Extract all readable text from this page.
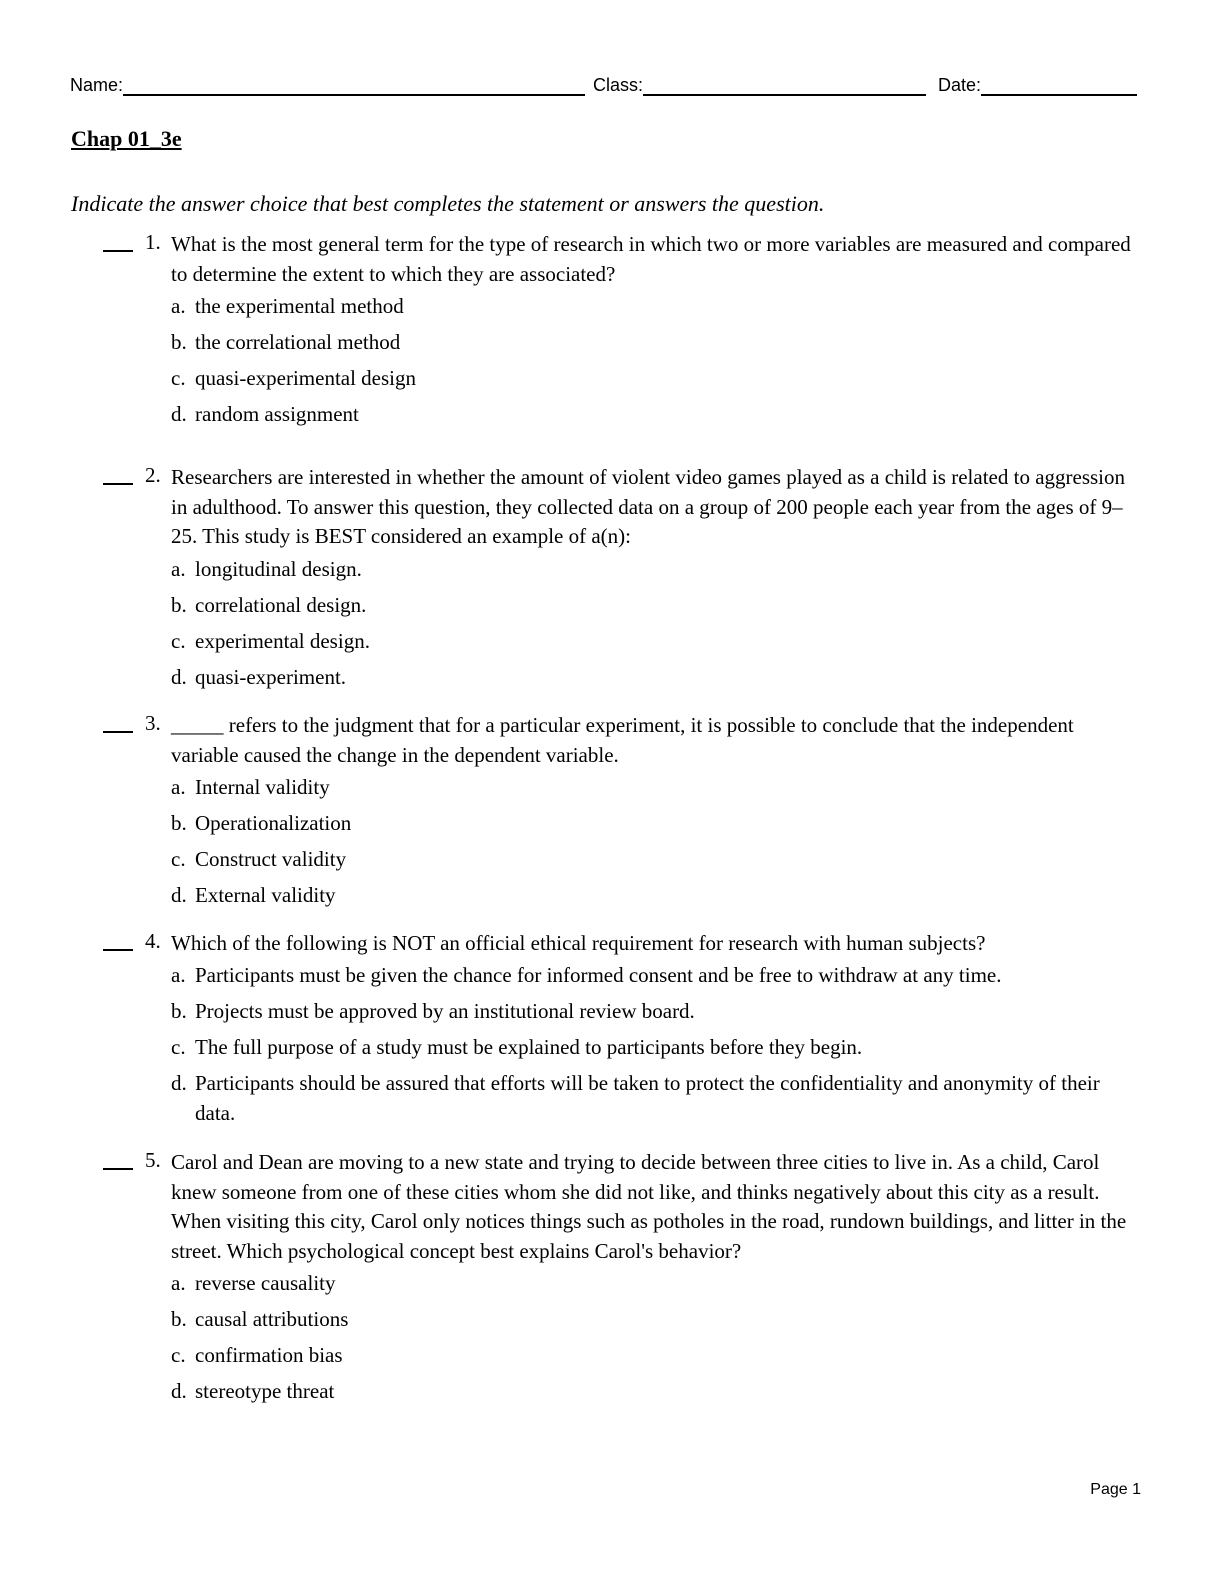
Name:	Class:	Date:
Chap 01_3e
Indicate the answer choice that best completes the statement or answers the question.
1. What is the most general term for the type of research in which two or more variables are measured and compared to determine the extent to which they are associated?
a. the experimental method
b. the correlational method
c. quasi-experimental design
d. random assignment
2. Researchers are interested in whether the amount of violent video games played as a child is related to aggression in adulthood. To answer this question, they collected data on a group of 200 people each year from the ages of 9–25. This study is BEST considered an example of a(n):
a. longitudinal design.
b. correlational design.
c. experimental design.
d. quasi-experiment.
3. _____ refers to the judgment that for a particular experiment, it is possible to conclude that the independent variable caused the change in the dependent variable.
a. Internal validity
b. Operationalization
c. Construct validity
d. External validity
4. Which of the following is NOT an official ethical requirement for research with human subjects?
a. Participants must be given the chance for informed consent and be free to withdraw at any time.
b. Projects must be approved by an institutional review board.
c. The full purpose of a study must be explained to participants before they begin.
d. Participants should be assured that efforts will be taken to protect the confidentiality and anonymity of their data.
5. Carol and Dean are moving to a new state and trying to decide between three cities to live in. As a child, Carol knew someone from one of these cities whom she did not like, and thinks negatively about this city as a result. When visiting this city, Carol only notices things such as potholes in the road, rundown buildings, and litter in the street. Which psychological concept best explains Carol's behavior?
a. reverse causality
b. causal attributions
c. confirmation bias
d. stereotype threat
Page 1
